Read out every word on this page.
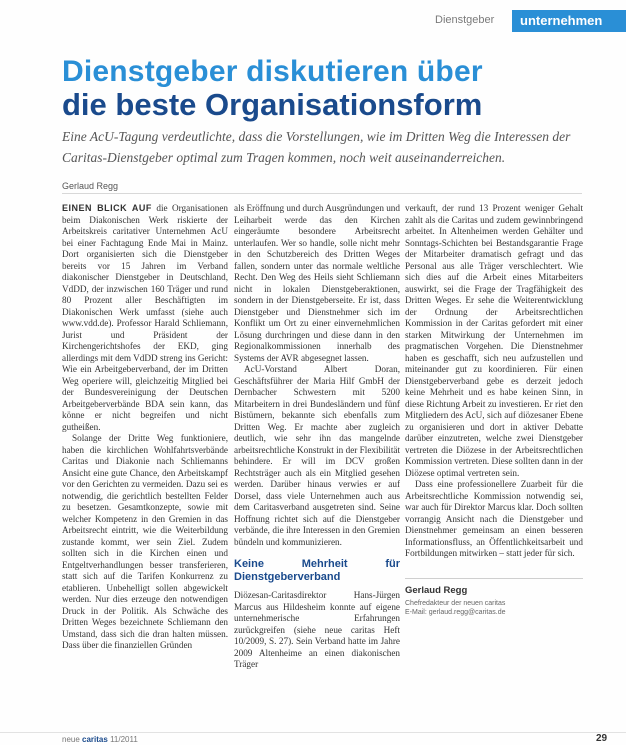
Dienstgeber	unternehmen
Dienstgeber diskutieren über
die beste Organisationsform
Eine AcU-Tagung verdeutlichte, dass die Vorstellungen, wie im Dritten Weg die Interessen der Caritas-Dienstgeber optimal zum Tragen kommen, noch weit auseinanderreichen.
Gerlaud Regg

EINEN BLICK AUF die Organisationen beim Diakonischen Werk riskierte der Arbeitskreis caritativer Unternehmen AcU bei einer Fachtagung Ende Mai in Mainz. Dort organisierten sich die Dienstgeber bereits vor 15 Jahren im Verband diakonischer Dienstgeber in Deutschland, VdDD, der inzwischen 160 Träger und rund 80 Prozent aller Beschäftigten im Diakonischen Werk umfasst (siehe auch www.vdd.de). Professor Harald Schliemann, Jurist und Präsident der Kirchengerichtshofes der EKD, ging allerdings mit dem VdDD streng ins Gericht: Wie ein Arbeitgeberverband, der im Dritten Weg operiere will, gleichzeitig Mitglied bei der Bundesvereinigung der Deutschen Arbeitgeberverbände BDA sein kann, das könne er nicht begreifen und nicht gutheißen.

Solange der Dritte Weg funktioniere, haben die kirchlichen Wohlfahrtsverbände Caritas und Diakonie nach Schliemanns Ansicht eine gute Chance, den Arbeitskampf vor den Gerichten zu vermeiden. Dazu sei es notwendig, die gerichtlich bestellten Felder zu besetzen. Gesamtkonzepte, sowie mit welcher Kompetenz in den Gremien in das Arbeitsrecht eintritt, wie die Weiterbildung zustande kommt, wer sein Ziel. Zudem sollten sich in die Kirchen einen und Entgeltverhandlungen besser transferieren, statt sich auf die Tarifen Konkurrenz zu etablieren. Unbehelligt sollen abgewickelt werden. Nur dies erzeuge den notwendigen Druck in der Politik. Als Schwäche des Dritten Weges bezeichnete Schliemann den Umstand, dass sich die dran halten müssen. Dass über die finanziellen Gründen

als Eröffnung und durch Ausgründungen und Leiharbeit werde das den Kirchen eingeräumte besondere Arbeitsrecht unterlaufen. Wer so handle, solle nicht mehr in den Schutzbereich des Dritten Weges fallen, sondern unter das normale weltliche Recht. Den Weg des Heils sieht Schliemann nicht in lokalen Dienstgeberaktionen, sondern in der Dienstgeberseite. Er ist, dass Dienstgeber und Dienstnehmer sich im Konflikt um Ort zu einer einvernehmlichen Lösung durchringen und diese dann in den Regionalkommissionen innerhalb des Systems der AVR abgesegnet lassen.

AcU-Vorstand Albert Doran, Geschäftsführer der Maria Hilf GmbH der Dernbacher Schwestern mit 5200 Mitarbeitern in drei Bundesländern und fünf Bistümern, bekannte sich ebenfalls zum Dritten Weg. Er machte aber zugleich deutlich, wie sehr ihn das mangelnde arbeitsrechtliche Konstrukt in der Flexibilität behindere. Er will im DCV großen Rechtsträger auch als ein Mitglied gesehen werden. Darüber hinaus verwies er auf Dorsel, dass viele Unternehmen auch aus dem Caritasverband ausgetreten sind. Seine Hoffnung richtet sich auf die Dienstgeber verbände, die ihre Interessen in den Gremien bündeln und kommunizieren.

Keine Mehrheit für Dienstgeberverband

Diözesan-Caritasdirektor Hans-Jürgen Marcus aus Hildesheim konnte auf eigene unternehmerische Erfahrungen zurückgreifen (siehe neue caritas Heft 10/2009, S. 27). Sein Verband hatte im Jahre 2009 Altenheime an einen diakonischen Träger

verkauft, der rund 13 Prozent weniger Gehalt zahlt als die Caritas und zudem gewinnbringend arbeitet. In Altenheimen werden Gehälter und Sonntags-Schichten bei Bestandsgarantie Frage der Mitarbeiter dramatisch gefragt und das Personal aus alle Träger verschlechtert. Wie sich dies auf die Arbeit eines Mitarbeiters auswirkt, sei die Frage der Tragfähigkeit des Dritten Weges. Er sehe die Weiterentwicklung der Ordnung der Arbeitsrechtlichen Kommission in der Caritas gefordert mit einer starken Mitwirkung der Unternehmen im pragmatischen Vorgehen. Die Dienstnehmer haben es geschafft, sich neu aufzustellen und miteinander gut zu koordinieren. Für einen Dienstgeberverband gebe es derzeit jedoch keine Mehrheit und es habe keinen Sinn, in diese Richtung Arbeit zu investieren. Er riet den Mitgliedern des AcU, sich auf diözesaner Ebene zu organisieren und dort in aktiver Debatte darüber einzutreten, welche zwei Dienstgeber vertreten die Diözese in der Arbeitsrechtlichen Kommission vertreten. Diese sollten dann in der Diözese optimal vertreten sein.

Dass eine professionellere Zuarbeit für die Arbeitsrechtliche Kommission notwendig sei, war auch für Direktor Marcus klar. Doch sollten vorrangig Ansicht nach die Dienstgeber und Dienstnehmer gemeinsam an einen besseren Informationsfluss, an Öffentlichkeitsarbeit und Fortbildungen mitwirken – statt jeder für sich.

Gerlaud Regg
Chefredakteur der neuen caritas
E-Mail: gerlaud.regg@caritas.de
neue caritas 11/2011	29
